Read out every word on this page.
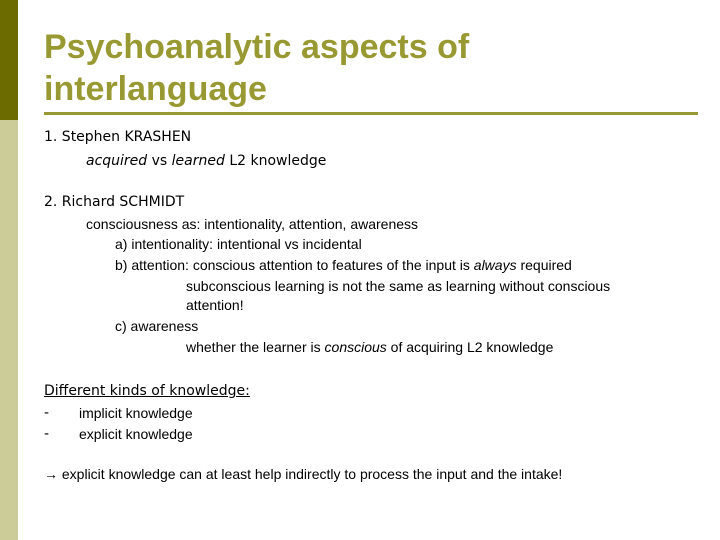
Psychoanalytic aspects of
interlanguage
1. Stephen KRASHEN
acquired vs learned L2 knowledge
2. Richard SCHMIDT
consciousness as: intentionality, attention, awareness
a) intentionality: intentional vs incidental
b) attention: conscious attention to features of the input is always required
subconscious learning is not the same as learning without conscious
attention!
c) awareness
whether the learner is conscious of acquiring L2 knowledge
Different kinds of knowledge:
- implicit knowledge
- explicit knowledge
→ explicit knowledge can at least help indirectly to process the input and the intake!
